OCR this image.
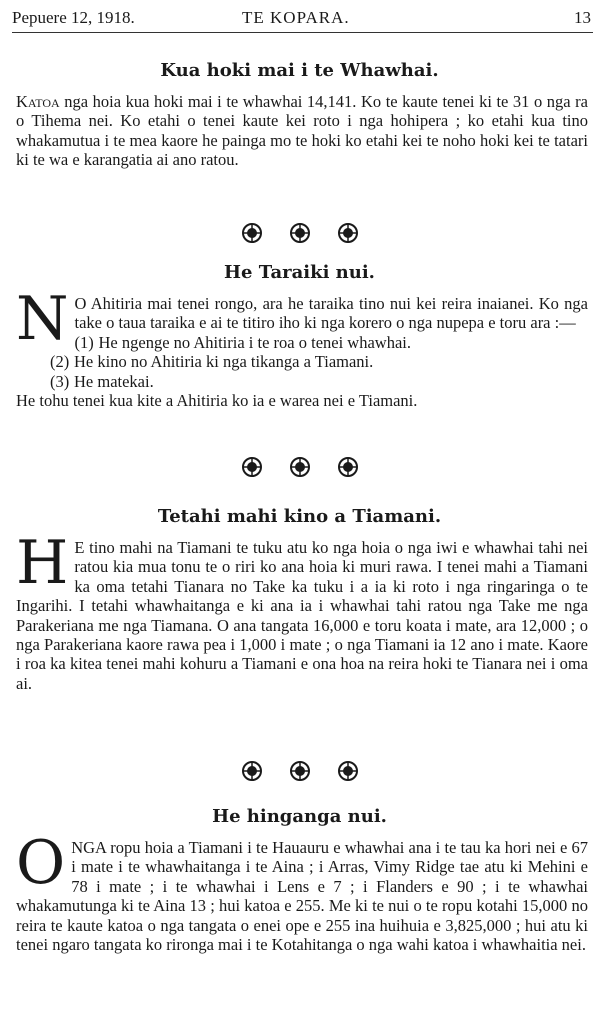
Pepuere 12, 1918.	TE KOPARA.	13
Kua hoki mai i te Whawhai.

Katoa nga hoia kua hoki mai i te whawhai 14,141. Ko te kaute tenei ki te 31 o nga ra o Tihema nei. Ko etahi o tenei kaute kei roto i nga hohipera ; ko etahi kua tino whakamutua i te mea kaore he painga mo te hoki ko etahi kei te noho hoki kei te tatari ki te wa e karangatia ai ano ratou.

He Taraiki nui.

N O Ahitiria mai tenei rongo, ara he taraika tino nui kei reira inaianei. Ko nga take o taua taraika e ai te titiro iho ki nga korero o nga nupepa e toru ara :—

(1) He ngenge no Ahitiria i te roa o tenei whawhai.
(2) He kino no Ahitiria ki nga tikanga a Tiamani.
(3) He matekai.

He tohu tenei kua kite a Ahitiria ko ia e warea nei e Tiamani.

Tetahi mahi kino a Tiamani.

H E tino mahi na Tiamani te tuku atu ko nga hoia o nga iwi e whawhai tahi nei ratou kia mua tonu te o riri ko ana hoia ki muri rawa. I tenei mahi a Tiamani ka oma tetahi Tianara no Take ka tuku i a ia ki roto i nga ringaringa o te Ingarihi. I tetahi whawhaitanga e ki ana ia i whawhai tahi ratou nga Take me nga Parakeriana me nga Tiamana. O ana tangata 16,000 e toru koata i mate, ara 12,000 ; o nga Parakeriana kaore rawa pea i 1,000 i mate ; o nga Tiamani ia 12 ano i mate. Kaore i roa ka kitea tenei mahi kohuru a Tiamani e ona hoa na reira hoki te Tianara nei i oma ai.

He hinganga nui.

ONGA ropu hoia a Tiamani i te Hauauru e whawhai ana i te tau ka hori nei e 67 i mate i te whawhaitanga i te Aina ; i Arras, Vimy Ridge tae atu ki Mehini e 78 i mate ; i te whawhai i Lens e 7 ; i Flanders e 90 ; i te whawhai whakamutunga ki te Aina 13 ; hui katoa e 255. Me ki te nui o te ropu kotahi 15,000 no reira te kaute katoa o nga tangata o enei ope e 255 ina huihuia e 3,825,000 ; hui atu ki tenei ngaro tangata ko rironga mai i te Kotahitanga o nga wahi katoa i whawhaitia nei.
